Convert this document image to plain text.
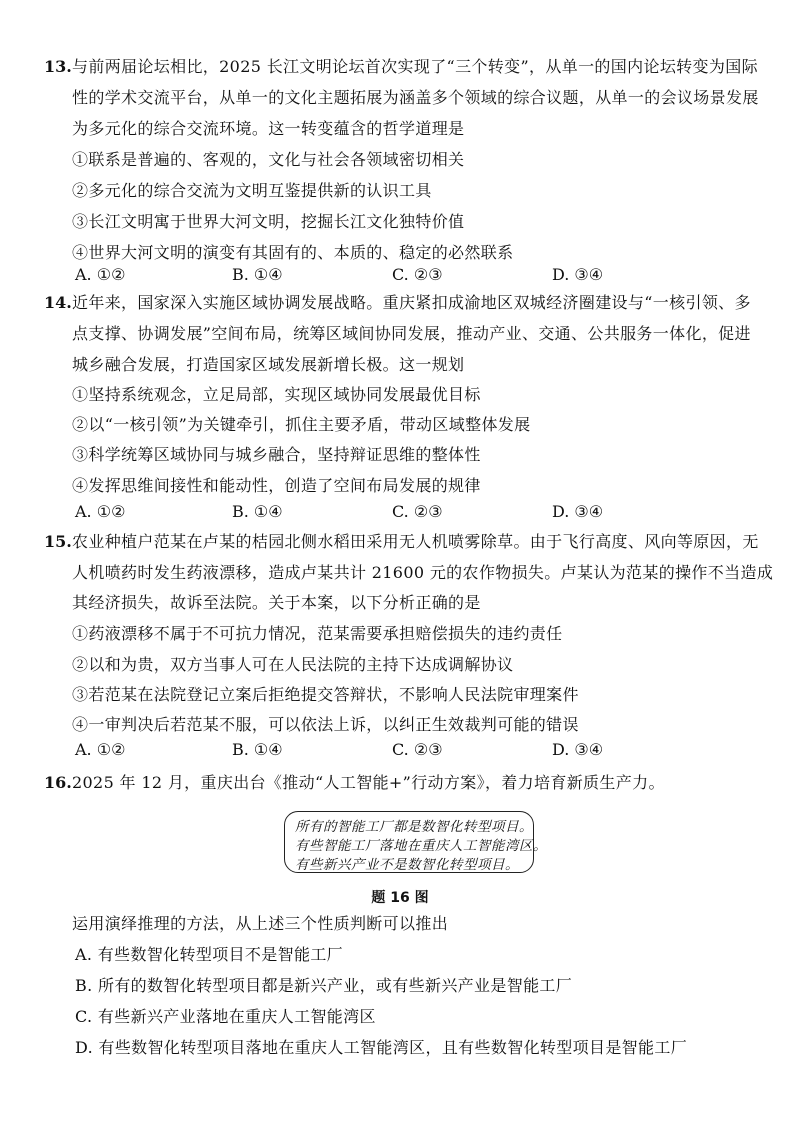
13. 与前两届论坛相比，2025 长江文明论坛首次实现了“三个转变”，从单一的国内论坛转变为国际
性的学术交流平台，从单一的文化主题拓展为涵盖多个领域的综合议题，从单一的会议场景发展
为多元化的综合交流环境。这一转变蕴含的哲学道理是
①联系是普遍的、客观的，文化与社会各领域密切相关
②多元化的综合交流为文明互鉴提供新的认识工具
③长江文明寓于世界大河文明，挖掘长江文化独特价值
④世界大河文明的演变有其固有的、本质的、稳定的必然联系
A. ①②	B. ①④	C. ②③	D. ③④
14. 近年来，国家深入实施区域协调发展战略。重庆紧扣成渝地区双城经济圈建设与“一核引领、多
点支撑、协调发展”空间布局，统筹区域间协同发展，推动产业、交通、公共服务一体化，促进
城乡融合发展，打造国家区域发展新增长极。这一规划
①坚持系统观念，立足局部，实现区域协同发展最优目标
②以“一核引领”为关键牵引，抓住主要矛盾，带动区域整体发展
③科学统筹区域协同与城乡融合，坚持辩证思维的整体性
④发挥思维间接性和能动性，创造了空间布局发展的规律
A. ①②	B. ①④	C. ②③	D. ③④
15. 农业种植户范某在卢某的桔园北侧水稻田采用无人机喷雾除草。由于飞行高度、风向等原因，无
人机喷药时发生药液漂移，造成卢某共计 21600 元的农作物损失。卢某认为范某的操作不当造成
其经济损失，故诉至法院。关于本案，以下分析正确的是
①药液漂移不属于不可抗力情况，范某需要承担赔偿损失的违约责任
②以和为贵，双方当事人可在人民法院的主持下达成调解协议
③若范某在法院登记立案后拒绝提交答辩状，不影响人民法院审理案件
④一审判决后若范某不服，可以依法上诉，以纠正生效裁判可能的错误
A. ①②	B. ①④	C. ②③	D. ③④
16. 2025 年 12 月，重庆出台《推动“人工智能+”行动方案》，着力培育新质生产力。
所有的智能工厂都是数智化转型项目。
有些智能工厂落地在重庆人工智能湾区。
有些新兴产业不是数智化转型项目。
题 16 图
运用演绎推理的方法，从上述三个性质判断可以推出
A. 有些数智化转型项目不是智能工厂
B. 所有的数智化转型项目都是新兴产业，或有些新兴产业是智能工厂
C. 有些新兴产业落地在重庆人工智能湾区
D. 有些数智化转型项目落地在重庆人工智能湾区，且有些数智化转型项目是智能工厂
